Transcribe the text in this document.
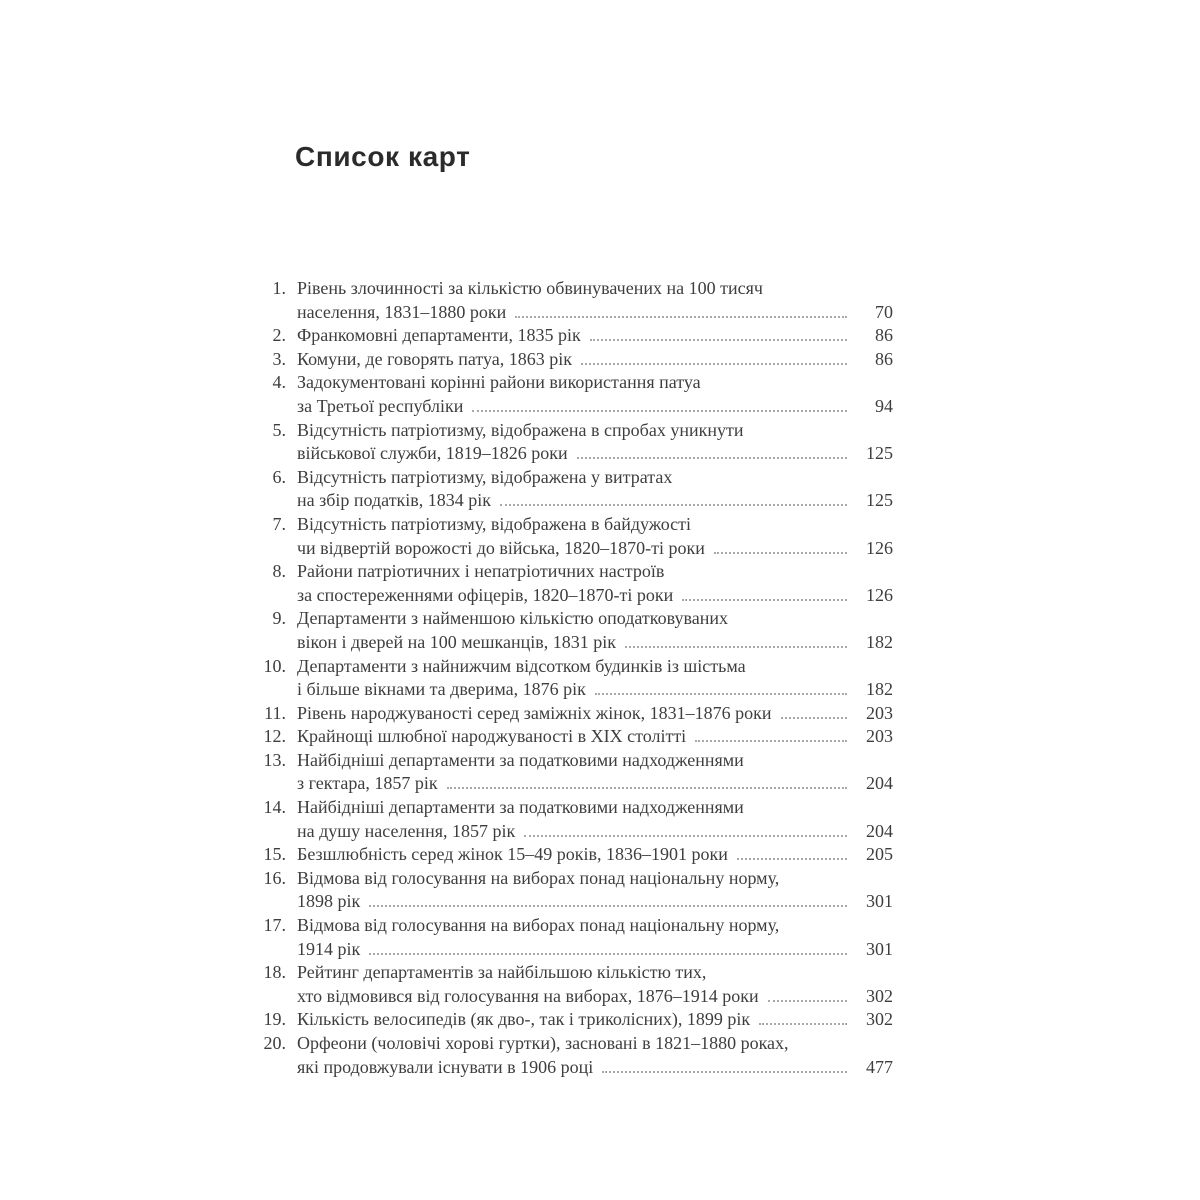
Список карт
1. Рівень злочинності за кількістю обвинувачених на 100 тисяч
населення, 1831–1880 роки	70
2. Франкомовні департаменти, 1835 рік	86
3. Комуни, де говорять патуа, 1863 рік	86
4. Задокументовані корінні райони використання патуа
за Третьої республіки	94
5. Відсутність патріотизму, відображена в спробах уникнути
військової служби, 1819–1826 роки	125
6. Відсутність патріотизму, відображена у витратах
на збір податків, 1834 рік	125
7. Відсутність патріотизму, відображена в байдужості
чи відвертій ворожості до війська, 1820–1870-ті роки	126
8. Райони патріотичних і непатріотичних настроїв
за спостереженнями офіцерів, 1820–1870-ті роки	126
9. Департаменти з найменшою кількістю оподатковуваних
вікон і дверей на 100 мешканців, 1831 рік	182
10. Департаменти з найнижчим відсотком будинків із шістьма
і більше вікнами та дверима, 1876 рік	182
11. Рівень народжуваності серед заміжніх жінок, 1831–1876 роки	203
12. Крайнощі шлюбної народжуваності в XIX столітті	203
13. Найбідніші департаменти за податковими надходженнями
з гектара, 1857 рік	204
14. Найбідніші департаменти за податковими надходженнями
на душу населення, 1857 рік	204
15. Безшлюбність серед жінок 15–49 років, 1836–1901 роки	205
16. Відмова від голосування на виборах понад національну норму,
1898 рік	301
17. Відмова від голосування на виборах понад національну норму,
1914 рік	301
18. Рейтинг департаментів за найбільшою кількістю тих,
хто відмовився від голосування на виборах, 1876–1914 роки	302
19. Кількість велосипедів (як дво-, так і триколісних), 1899 рік	302
20. Орфеони (чоловічі хорові гуртки), засновані в 1821–1880 роках,
які продовжували існувати в 1906 році	477
